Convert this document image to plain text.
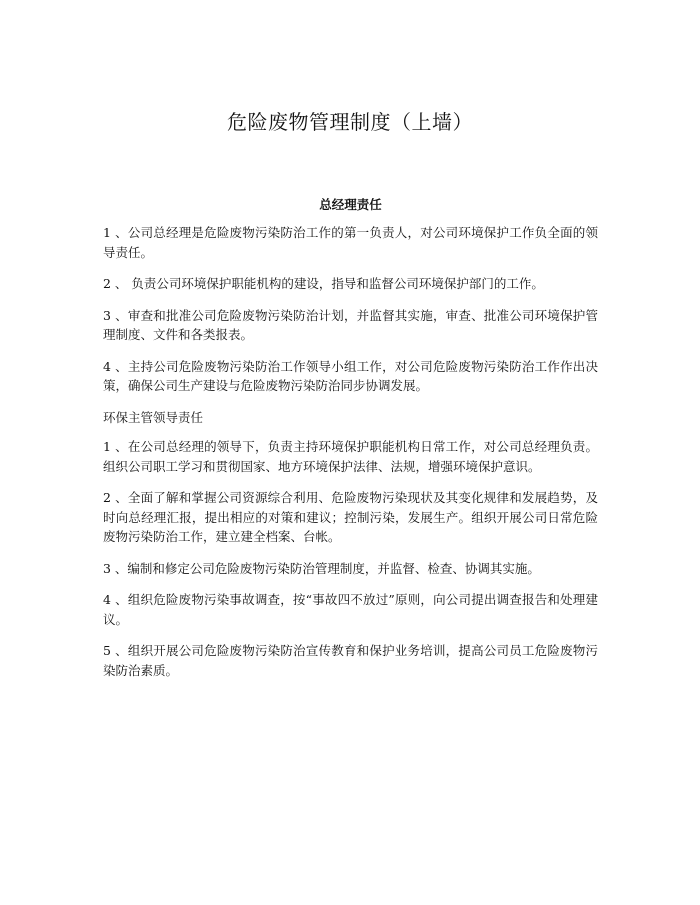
危险废物管理制度（上墙）
总经理责任

1 、公司总经理是危险废物污染防治工作的第一负责人，对公司环境保护工作负全面的领导责任。

2 、 负责公司环境保护职能机构的建设，指导和监督公司环境保护部门的工作。

3 、审查和批准公司危险废物污染防治计划，并监督其实施，审查、批准公司环境保护管理制度、文件和各类报表。

4 、主持公司危险废物污染防治工作领导小组工作，对公司危险废物污染防治工作作出决策，确保公司生产建设与危险废物污染防治同步协调发展。

环保主管领导责任

1 、在公司总经理的领导下，负责主持环境保护职能机构日常工作，对公司总经理负责。组织公司职工学习和贯彻国家、地方环境保护法律、法规，增强环境保护意识。

2 、全面了解和掌握公司资源综合利用、危险废物污染现状及其变化规律和发展趋势，及时向总经理汇报，提出相应的对策和建议；控制污染，发展生产。组织开展公司日常危险废物污染防治工作，建立建全档案、台帐。

3 、编制和修定公司危险废物污染防治管理制度，并监督、检查、协调其实施。

4 、组织危险废物污染事故调查，按“事故四不放过”原则，向公司提出调查报告和处理建议。

5 、组织开展公司危险废物污染防治宣传教育和保护业务培训，提高公司员工危险废物污染防治素质。
